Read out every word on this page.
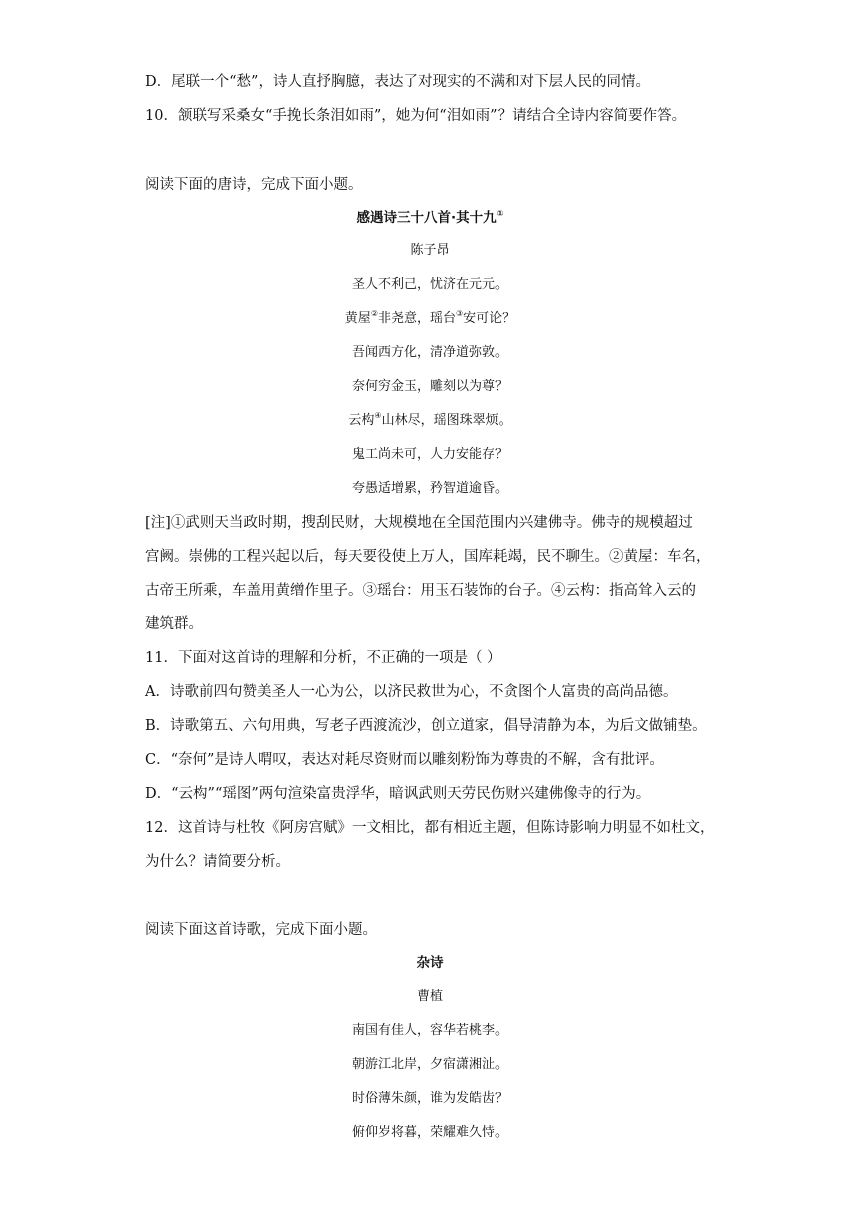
D．尾联一个“愁”，诗人直抒胸臆，表达了对现实的不满和对下层人民的同情。
10．颔联写采桑女“手挽长条泪如雨”，她为何“泪如雨”？请结合全诗内容简要作答。
阅读下面的唐诗，完成下面小题。
感遇诗三十八首·其十九①
陈子昂
圣人不利己，忧济在元元。
黄屋②非尧意，瑶台③安可论？
吾闻西方化，清净道弥敦。
奈何穷金玉，雕刻以为尊？
云构④山林尽，瑶图珠翠烦。
鬼工尚未可，人力安能存？
夸愚适增累，矜智道逾昏。
[注]①武则天当政时期，搜刮民财，大规模地在全国范围内兴建佛寺。佛寺的规模超过
宫阙。崇佛的工程兴起以后，每天要役使上万人，国库耗竭，民不聊生。②黄屋：车名，
古帝王所乘，车盖用黄缯作里子。③瑶台：用玉石装饰的台子。④云构：指高耸入云的
建筑群。
11．下面对这首诗的理解和分析，不正确的一项是（ ）
A．诗歌前四句赞美圣人一心为公，以济民救世为心，不贪图个人富贵的高尚品德。
B．诗歌第五、六句用典，写老子西渡流沙，创立道家，倡导清静为本，为后文做铺垫。
C．“奈何”是诗人喟叹，表达对耗尽资财而以雕刻粉饰为尊贵的不解，含有批评。
D．“云构”“瑶图”两句渲染富贵浮华，暗讽武则天劳民伤财兴建佛像寺的行为。
12．这首诗与杜牧《阿房宫赋》一文相比，都有相近主题，但陈诗影响力明显不如杜文，
为什么？请简要分析。
阅读下面这首诗歌，完成下面小题。
杂诗
曹植
南国有佳人，容华若桃李。
朝游江北岸，夕宿潇湘沚。
时俗薄朱颜，谁为发皓齿？
俯仰岁将暮，荣耀难久恃。
